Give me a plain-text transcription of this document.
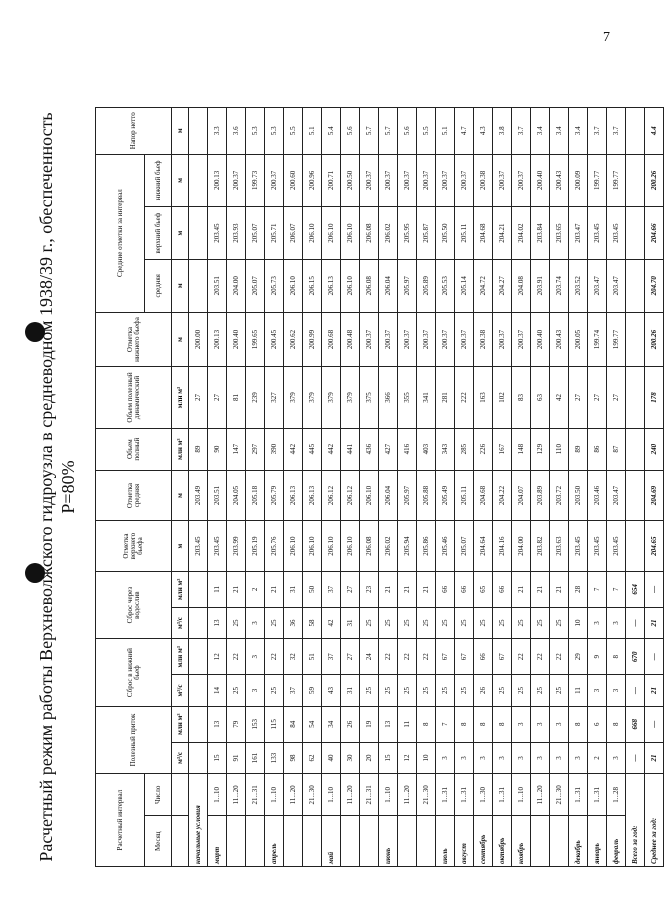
7
Расчетный режим работы Верхневолжского гидроузла в средневодном 1938/39 г., обеспеченность Р=80%
Расчетный интервал		Полезный приток		Сброс в нижний бьеф		Сброс через водослив		Отметка верхнего бьефа	Отметка средняя	Объем полный	Объем полезный динамический	Отметка нижнего бьефа	Средние отметки за интервал			Напор нетто
Месяц	Число												средняя	верхний бьеф	нижний бьеф	
		м³/с	млн м³	м³/с	млн м³	м³/с	млн м³	м	м	млн м³	млн м³	м	м	м	м	м
начальные условия								203.45	203.49	89	27	200.00				
март	1...10	15	13	14	12	13	11	203.45	203.51	90	27	200.13	203.51	203.45	200.13	3.3
	11...20	91	79	25	22	25	21	203.99	204.05	147	81	200.40	204.00	203.93	200.37	3.6
	21...31	161	153	3	3	3	2	205.19	205.18	297	239	199.65	205.07	205.07	199.73	5.3
апрель	1...10	133	115	25	22	25	21	205.76	205.79	390	327	200.45	205.73	205.71	200.37	5.3
	11...20	98	84	37	32	36	31	206.10	206.13	442	379	200.62	206.10	206.07	200.60	5.5
	21...30	62	54	59	51	58	50	206.10	206.13	445	379	200.99	206.15	206.10	200.96	5.1
май	1...10	40	34	43	37	42	37	206.10	206.12	442	379	200.68	206.13	206.10	200.71	5.4
	11...20	30	26	31	27	31	27	206.10	206.12	441	379	200.48	206.10	206.10	200.50	5.6
	21...31	20	19	25	24	25	23	206.08	206.10	436	375	200.37	206.08	206.08	200.37	5.7
июнь	1...10	15	13	25	22	25	21	206.02	206.04	427	366	200.37	206.04	206.02	200.37	5.7
	11...20	12	11	25	22	25	21	205.94	205.97	416	355	200.37	205.97	205.95	200.37	5.6
	21...30	10	8	25	22	25	21	205.86	205.88	403	341	200.37	205.89	205.87	200.37	5.5
июль	1...31	3	7	25	67	25	66	205.46	205.49	343	281	200.37	205.53	205.50	200.37	5.1
август	1...31	3	8	25	67	25	66	205.07	205.11	285	222	200.37	205.14	205.11	200.37	4.7
сентябрь	1...30	3	8	26	66	25	65	204.64	204.68	226	163	200.38	204.72	204.68	200.38	4.3
октябрь	1...31	3	8	25	67	25	66	204.16	204.22	167	102	200.37	204.27	204.21	200.37	3.8
ноябрь	1...10	3	3	25	22	25	21	204.00	204.07	148	83	200.37	204.08	204.02	200.37	3.7
	11...20	3	3	25	22	25	21	203.82	203.89	129	63	200.40	203.91	203.84	200.40	3.4
	21...30	3	3	25	22	25	21	203.63	203.72	110	42	200.43	203.74	203.65	200.43	3.4
декабрь	1...31	3	8	11	29	10	28	203.45	203.50	89	27	200.05	203.52	203.47	200.09	3.4
январь	1...31	2	6	3	9	3	7	203.45	203.46	86	27	199.74	203.47	203.45	199.77	3.7
февраль	1...28	3	8	3	8	3	7	203.45	203.47	87	27	199.77	203.47	203.45	199.77	3.7
Всего за год:		—	668	—	670	—	654									
Среднее за год:		21	—	21	—	21	—	204.65	204.69	240	178	200.26	204.70	204.66	200.26	4.4
